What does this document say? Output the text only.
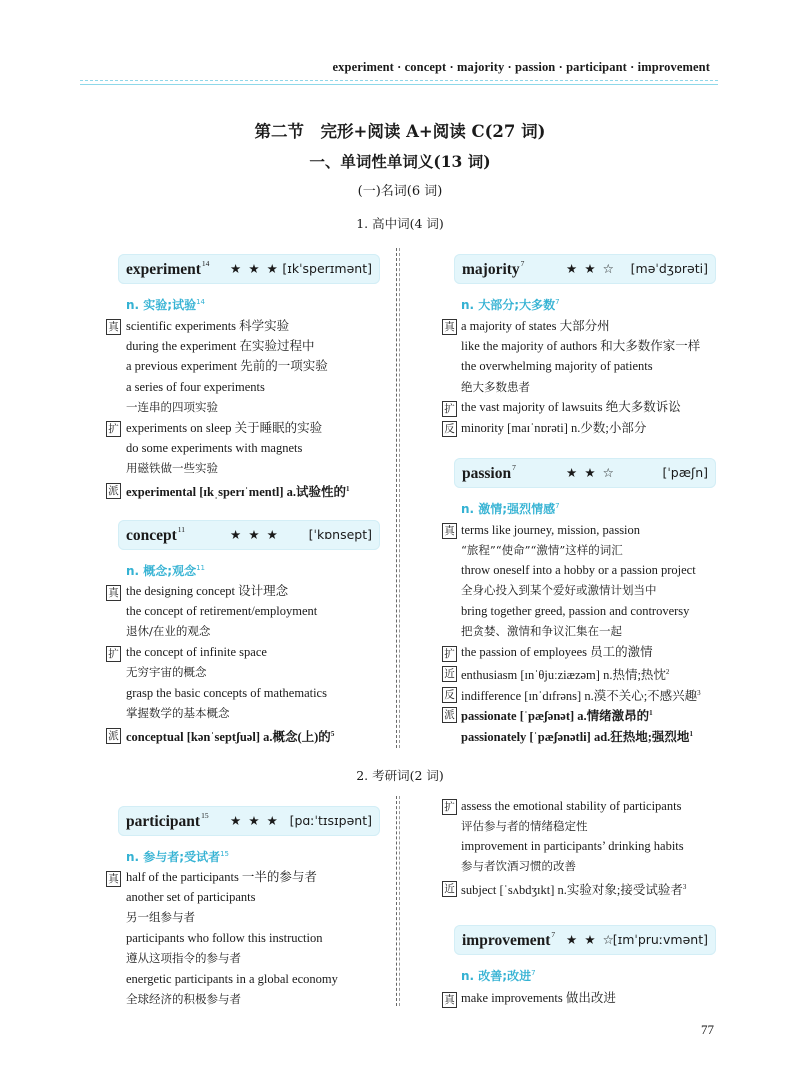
experiment · concept · majority · passion · participant · improvement
第二节　完形+阅读 A+阅读 C(27 词)
一、单词性单词义(13 词)
(一)名词(6 词)
1. 高中词(4 词)
2. 考研词(2 词)
experiment$^{14}$ ★ ★ ★ [ɪkˈsperɪmənt]
n. 实验;试验$^{14}$
真 scientific experiments 科学实验
during the experiment 在实验过程中
a previous experiment 先前的一项实验
a series of four experiments
一连串的四项实验
扩 experiments on sleep 关于睡眠的实验
do some experiments with magnets
用磁铁做一些实验
派 experimental [ɪkˌsperɪˈmentl] a.试验性的$^1$
concept$^{11}$	★ ★ ★ [ˈkɒnsept]
n. 概念;观念$^{11}$
真 the designing concept 设计理念
the concept of retirement/employment
退休/在业的观念
扩 the concept of infinite space
无穷宇宙的概念
grasp the basic concepts of mathematics
掌握数学的基本概念
派 conceptual [kənˈseptʃuəl] a.概念(上)的$^5$
majority$^7$	★ ★ ☆ [məˈdʒɒrəti]
n. 大部分;大多数$^7$
真 a majority of states 大部分州
like the majority of authors 和大多数作家一样
the overwhelming majority of patients
绝大多数患者
扩 the vast majority of lawsuits 绝大多数诉讼
反 minority [maɪˈnɒrəti] n.少数;小部分
passion$^7$	★ ★ ☆	[ˈpæʃn]
n. 激情;强烈情感$^7$
真 terms like journey, mission, passion
“旅程”“使命”“激情”这样的词汇
throw oneself into a hobby or a passion project
全身心投入到某个爱好或激情计划当中
bring together greed, passion and controversy
把贪婪、激情和争议汇集在一起
扩 the passion of employees 员工的激情
近 enthusiasm [ɪnˈθjuːziæzəm] n.热情;热忱$^2$
反 indifference [ɪnˈdɪfrəns] n.漠不关心;不感兴趣$^3$
派 passionate [ˈpæʃənət] a.情绪激昂的$^1$
passionately [ˈpæʃənətli] ad.狂热地;强烈地$^1$
participant$^{15}$ ★ ★ ★ [pɑːˈtɪsɪpənt]
n. 参与者;受试者$^{15}$
真 half of the participants 一半的参与者
another set of participants
另一组参与者
participants who follow this instruction
遵从这项指令的参与者
energetic participants in a global economy
全球经济的积极参与者
扩 assess the emotional stability of participants
评估参与者的情绪稳定性
improvement in participants’ drinking habits
参与者饮酒习惯的改善
近 subject [ˈsʌbdʒɪkt] n.实验对象;接受试验者$^3$
improvement$^7$ ★ ★ ☆
[ɪmˈpruːvmənt]
n. 改善;改进$^7$
真 make improvements 做出改进
77
